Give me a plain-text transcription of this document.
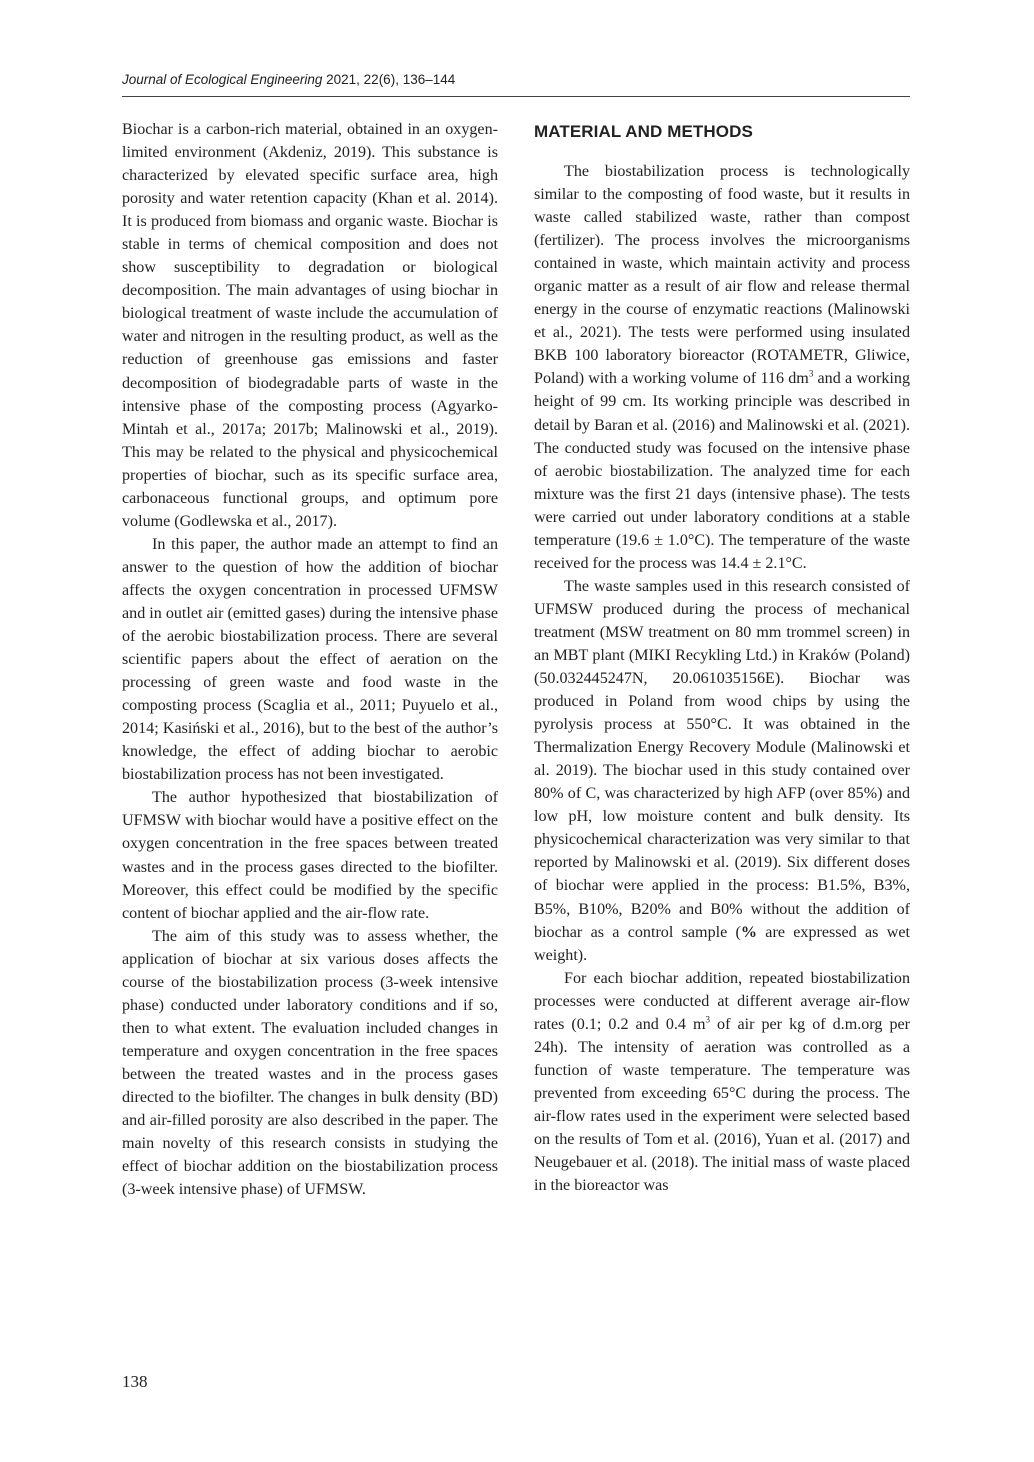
Journal of Ecological Engineering 2021, 22(6), 136–144

Biochar is a carbon-rich material, obtained in an oxygen-limited environment (Akdeniz, 2019). This substance is characterized by elevated specific surface area, high porosity and water retention capacity (Khan et al. 2014). It is produced from biomass and organic waste. Biochar is stable in terms of chemical composition and does not show susceptibility to degradation or biological decomposition. The main advantages of using biochar in biological treatment of waste include the accumulation of water and nitrogen in the resulting product, as well as the reduction of greenhouse gas emissions and faster decomposition of biodegradable parts of waste in the intensive phase of the composting process (Agyarko-Mintah et al., 2017a; 2017b; Malinowski et al., 2019). This may be related to the physical and physicochemical properties of biochar, such as its specific surface area, carbonaceous functional groups, and optimum pore volume (Godlewska et al., 2017).

In this paper, the author made an attempt to find an answer to the question of how the addition of biochar affects the oxygen concentration in processed UFMSW and in outlet air (emitted gases) during the intensive phase of the aerobic biostabilization process. There are several scientific papers about the effect of aeration on the processing of green waste and food waste in the composting process (Scaglia et al., 2011; Puyuelo et al., 2014; Kasiński et al., 2016), but to the best of the author’s knowledge, the effect of adding biochar to aerobic biostabilization process has not been investigated.

The author hypothesized that biostabilization of UFMSW with biochar would have a positive effect on the oxygen concentration in the free spaces between treated wastes and in the process gases directed to the biofilter. Moreover, this effect could be modified by the specific content of biochar applied and the air-flow rate.

The aim of this study was to assess whether, the application of biochar at six various doses affects the course of the biostabilization process (3-week intensive phase) conducted under laboratory conditions and if so, then to what extent. The evaluation included changes in temperature and oxygen concentration in the free spaces between the treated wastes and in the process gases directed to the biofilter. The changes in bulk density (BD) and air-filled porosity are also described in the paper. The main novelty of this research consists in studying the effect of biochar addition on the biostabilization process (3-week intensive phase) of UFMSW.

MATERIAL AND METHODS

The biostabilization process is technologically similar to the composting of food waste, but it results in waste called stabilized waste, rather than compost (fertilizer). The process involves the microorganisms contained in waste, which maintain activity and process organic matter as a result of air flow and release thermal energy in the course of enzymatic reactions (Malinowski et al., 2021). The tests were performed using insulated BKB 100 laboratory bioreactor (ROTAMETR, Gliwice, Poland) with a working volume of 116 $dm^3$ and a working height of 99 cm. Its working principle was described in detail by Baran et al. (2016) and Malinowski et al. (2021). The conducted study was focused on the intensive phase of aerobic biostabilization. The analyzed time for each mixture was the first 21 days (intensive phase). The tests were carried out under laboratory conditions at a stable temperature (19.6 ± 1.0°C). The temperature of the waste received for the process was 14.4 ± 2.1°C.

The waste samples used in this research consisted of UFMSW produced during the process of mechanical treatment (MSW treatment on 80 mm trommel screen) in an MBT plant (MIKI Recykling Ltd.) in Kraków (Poland) (50.032445247N, 20.061035156E). Biochar was produced in Poland from wood chips by using the pyrolysis process at 550°C. It was obtained in the Thermalization Energy Recovery Module (Malinowski et al. 2019). The biochar used in this study contained over 80% of C, was characterized by high AFP (over 85%) and low pH, low moisture content and bulk density. Its physicochemical characterization was very similar to that reported by Malinowski et al. (2019). Six different doses of biochar were applied in the process: B1.5%, B3%, B5%, B10%, B20% and B0% without the addition of biochar as a control sample (% are expressed as wet weight).

For each biochar addition, repeated biostabilization processes were conducted at different average air-flow rates (0.1; 0.2 and 0.4 $m^3$ of air per kg of d.m.org per 24h). The intensity of aeration was controlled as a function of waste temperature. The temperature was prevented from exceeding 65°C during the process. The air-flow rates used in the experiment were selected based on the results of Tom et al. (2016), Yuan et al. (2017) and Neugebauer et al. (2018). The initial mass of waste placed in the bioreactor was

138
